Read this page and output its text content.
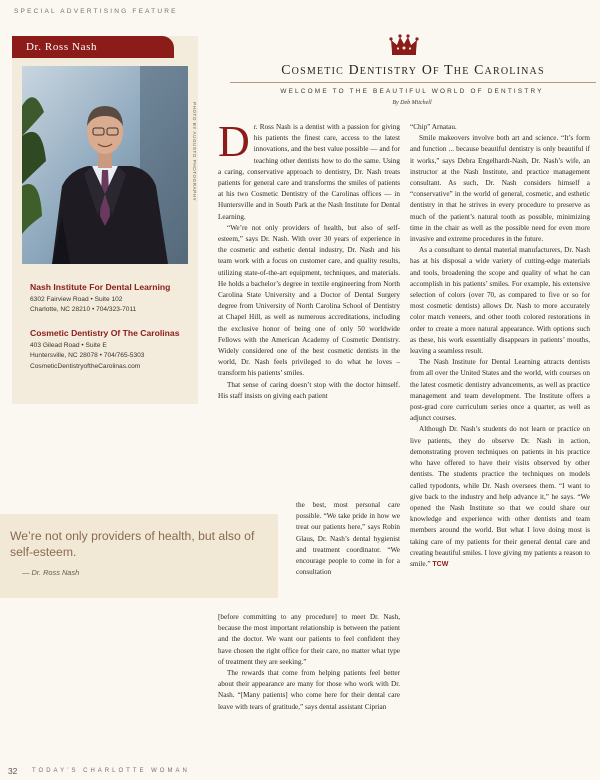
SPECIAL ADVERTISING FEATURE
Dr. Ross Nash
PHOTO BY AUGUSTO PHOTOGRAPHY
Nash Institute For Dental Learning
6302 Fairview Road • Suite 102
Charlotte, NC 28210 • 704/323-7011
Cosmetic Dentistry Of The Carolinas
403 Gilead Road • Suite E
Huntersville, NC 28078 • 704/765-5303
CosmeticDentistryoftheCarolinas.com
Cosmetic Dentistry Of The Carolinas
WELCOME TO THE BEAUTIFUL WORLD OF DENTISTRY
By Deb Mitchell
D r. Ross Nash is a dentist with a passion for giving his patients the finest care, access to the latest innovations, and the best value possible — and for teaching other dentists how to do the same. Using a caring, conservative approach to dentistry, Dr. Nash treats patients for general care and transforms the smiles of patients at his two Cosmetic Dentistry of the Carolinas offices — in Huntersville and in South Park at the Nash Institute for Dental Learning.

“We’re not only providers of health, but also of self-esteem,” says Dr. Nash. With over 30 years of experience in the cosmetic and esthetic dental industry, Dr. Nash and his team work with a focus on customer care, and quality results, utilizing state-of-the-art equipment, techniques, and materials. He holds a bachelor’s degree in textile engineering from North Carolina State University and a Doctor of Dental Surgery degree from University of North Carolina School of Dentistry at Chapel Hill, as well as numerous accreditations, including the exclusive honor of being one of only 50 worldwide Fellows with the American Academy of Cosmetic Dentistry. Widely considered one of the best cosmetic dentists in the world, Dr. Nash feels privileged to do what he loves – transform his patients’ smiles.

That sense of caring doesn’t stop with the doctor himself. His staff insists on giving each patient

the best, most personal care possible. “We take pride in how we treat our patients here,” says Robin Glaus, Dr. Nash’s dental hygienist and treatment coordinator. “We encourage people to come in for a consultation

[before committing to any procedure] to meet Dr. Nash, because the most important relationship is between the patient and the doctor. We want our patients to feel confident they have chosen the right office for their care, no matter what type of treatment they are seeking.”

The rewards that come from helping patients feel better about their appearance are many for those who work with Dr. Nash. “[Many patients] who come here for their dental care leave with tears of gratitude,” says dental assistant Ciprian

“Chip” Arnatau.

Smile makeovers involve both art and science. “It’s form and function ... because beautiful dentistry is only beautiful if it works,” says Debra Engelhardt-Nash, Dr. Nash’s wife, an instructor at the Nash Institute, and practice management consultant. As such, Dr. Nash considers himself a “conservative” in the world of general, cosmetic, and esthetic dentistry in that he strives in every procedure to preserve as much of the patient’s natural tooth as possible, minimizing time in the chair as well as the possible need for even more invasive and extreme procedures in the future.

As a consultant to dental material manufacturers, Dr. Nash has at his disposal a wide variety of cutting-edge materials and tools, broadening the scope and quality of what he can accomplish in his patients’ smiles. For example, his extensive selection of colors (over 70, as compared to five or so for most cosmetic dentists) allows Dr. Nash to more accurately color match veneers, and other tooth colored restorations in order to create a more natural appearance. With options such as these, his work essentially disappears in patients’ mouths, leaving a seamless result.

The Nash Institute for Dental Learning attracts dentists from all over the United States and the world, with courses on the latest cosmetic dentistry advancements, as well as practice management and team development. The Institute offers a post-grad core curriculum series once a quarter, as well as adjunct courses.

Although Dr. Nash’s students do not learn or practice on live patients, they do observe Dr. Nash in action, demonstrating proven techniques on patients in his practice who have offered to have their visits observed by other dentists. The students practice the techniques on models called typodonts, while Dr. Nash oversees them. “I want to give back to the industry and help advance it,” he says. “We opened the Nash Institute so that we could share our knowledge and experience with other dentists and team members around the world. But what I love doing most is taking care of my patients for their general dental care and creating beautiful smiles. I love giving my patients a reason to smile.” TCW

We’re not only providers of health, but also of self-esteem.
— Dr. Ross Nash
32 TODAY’S CHARLOTTE WOMAN
